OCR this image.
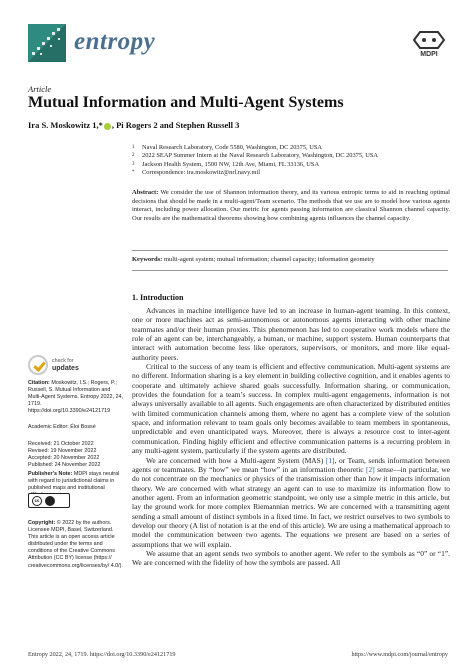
entropy	MDPI
Article
Mutual Information and Multi-Agent Systems
Ira S. Moskowitz 1,* , Pi Rogers 2 and Stephen Russell 3
1	Naval Research Laboratory, Code 5580, Washington, DC 20375, USA
2	2022 SEAP Summer Intern at the Naval Research Laboratory, Washington, DC 20375, USA
3	Jackson Health System, 1500 NW, 12th Ave, Miami, FL 33136, USA
*	Correspondence: ira.moskowitz@nrl.navy.mil
Abstract: We consider the use of Shannon information theory, and its various entropic terms to aid in reaching optimal decisions that should be made in a multi-agent/Team scenario. The methods that we use are to model how various agents interact, including power allocation. Our metric for agents passing information are classical Shannon channel capacity. Our results are the mathematical theorems showing how combining agents influences the channel capacity.
Keywords: multi-agent system; mutual information; channel capacity; information geometry
1. Introduction

Advances in machine intelligence have led to an increase in human-agent teaming. In this context, one or more machines act as semi-autonomous or autonomous agents interacting with other machine teammates and/or their human proxies. This phenomenon has led to cooperative work models where the role of an agent can be, interchangeably, a human, or machine, support system. Human counterparts that interact with automation become less like operators, supervisors, or monitors, and more like equal-authority peers.

Critical to the success of any team is efficient and effective communication. Multi-agent systems are no different. Information sharing is a key element in building collective cognition, and it enables agents to cooperate and ultimately achieve shared goals successfully. Information sharing, or communication, provides the foundation for a team’s success. In complex multi-agent engagements, information is not always universally available to all agents. Such engagements are often characterized by distributed entities with limited communication channels among them, where no agent has a complete view of the solution space, and information relevant to team goals only becomes available to team members in spontaneous, unpredictable and even unanticipated ways. Moreover, there is always a resource cost to inter-agent communication. Finding highly efficient and effective communication patterns is a recurring problem in any multi-agent system, particularly if the system agents are distributed.

We are concerned with how a Multi-agent System (MAS) [1], or Team, sends information between agents or teammates. By “how” we mean “how” in an information theoretic [2] sense—in particular, we do not concentrate on the mechanics or physics of the transmission other than how it impacts information theory. We are concerned with what strategy an agent can to use to maximize its information flow to another agent. From an information geometric standpoint, we only use a simple metric in this article, but lay the ground work for more complex Riemannian metrics. We are concerned with a transmitting agent sending a small amount of distinct symbols in a fixed time. In fact, we restrict ourselves to two symbols to develop our theory (A list of notation is at the end of this article). We are using a mathematical approach to model the communication between two agents. The equations we present are based on a series of assumptions that we will explain.

We assume that an agent sends two symbols to another agent. We refer to the symbols as “0” or “1”. We are concerned with the fidelity of how the symbols are passed. All

check for
updates
Citation: Moskowitz, I.S.; Rogers, P.; Russell, S. Mutual Information and Multi-Agent Systems. Entropy 2022, 24, 1719. https://doi.org/10.3390/e24121719
Academic Editor: Éloi Bossé
Received: 21 October 2022
Revised: 19 November 2022
Accepted: 20 November 2022
Published: 24 November 2022
Publisher’s Note: MDPI stays neutral with regard to jurisdictional claims in published maps and institutional
cc
Copyright: © 2022 by the authors. Licensee MDPI, Basel, Switzerland. This article is an open access article distributed under the terms and conditions of the Creative Commons Attribution (CC BY) license (https:// creativecommons.org/licenses/by/ 4.0/).
Entropy 2022, 24, 1719. https://doi.org/10.3390/e24121719	https://www.mdpi.com/journal/entropy
